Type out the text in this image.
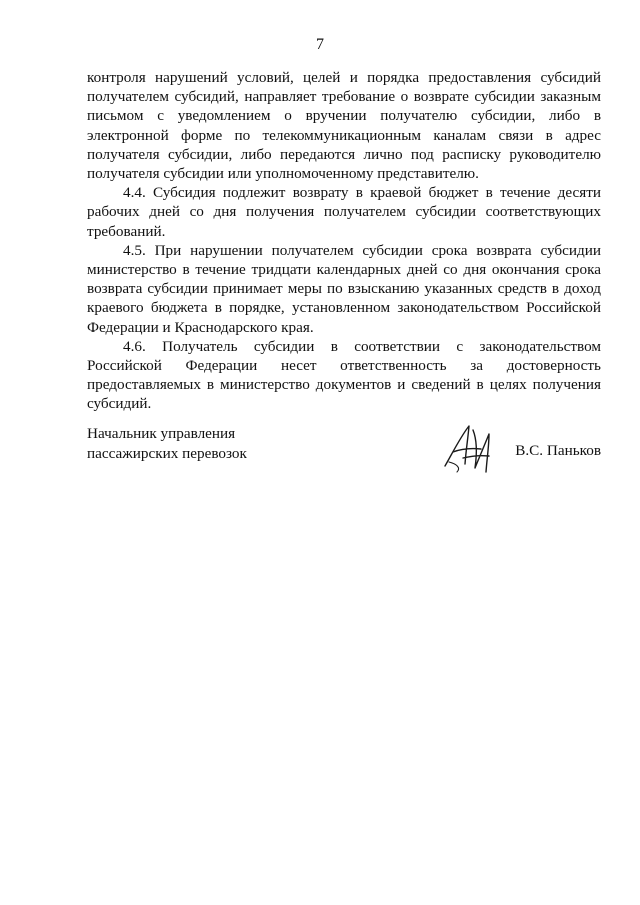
7

контроля нарушений условий, целей и порядка предоставления субсидий получателем субсидий, направляет требование о возврате субсидии заказным письмом с уведомлением о вручении получателю субсидии, либо в электронной форме по телекоммуникационным каналам связи в адрес получателя субсидии, либо передаются лично под расписку руководителю получателя субсидии или уполномоченному представителю.

4.4. Субсидия подлежит возврату в краевой бюджет в течение десяти рабочих дней со дня получения получателем субсидии соответствующих требований.

4.5. При нарушении получателем субсидии срока возврата субсидии министерство в течение тридцати календарных дней со дня окончания срока возврата субсидии принимает меры по взысканию указанных средств в доход краевого бюджета в порядке, установленном законодательством Российской Федерации и Краснодарского края.

4.6. Получатель субсидии в соответствии с законодательством Российской Федерации несет ответственность за достоверность предоставляемых в министерство документов и сведений в целях получения субсидий.

Начальник управления
пассажирских перевозок	В.С. Паньков
